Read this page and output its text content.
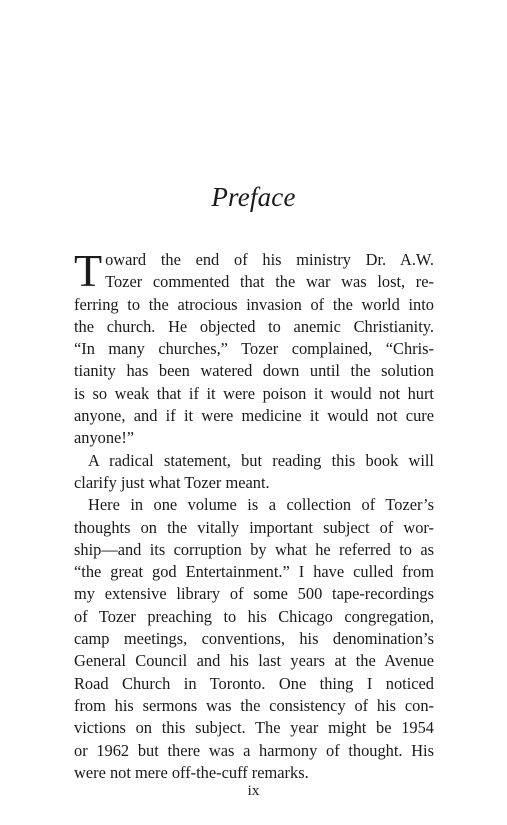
Preface
T oward the end of his ministry Dr. A.W.
Tozer commented that the war was lost, re-
ferring to the atrocious invasion of the world into
the church. He objected to anemic Christianity.
“In many churches,” Tozer complained, “Chris-
tianity has been watered down until the solution
is so weak that if it were poison it would not hurt
anyone, and if it were medicine it would not cure
anyone!”
A radical statement, but reading this book will
clarify just what Tozer meant.
Here in one volume is a collection of Tozer’s
thoughts on the vitally important subject of wor-
ship—and its corruption by what he referred to as
“the great god Entertainment.” I have culled from
my extensive library of some 500 tape-recordings
of Tozer preaching to his Chicago congregation,
camp meetings, conventions, his denomination’s
General Council and his last years at the Avenue
Road Church in Toronto. One thing I noticed
from his sermons was the consistency of his con-
victions on this subject. The year might be 1954
or 1962 but there was a harmony of thought. His
were not mere off-the-cuff remarks.
ix
